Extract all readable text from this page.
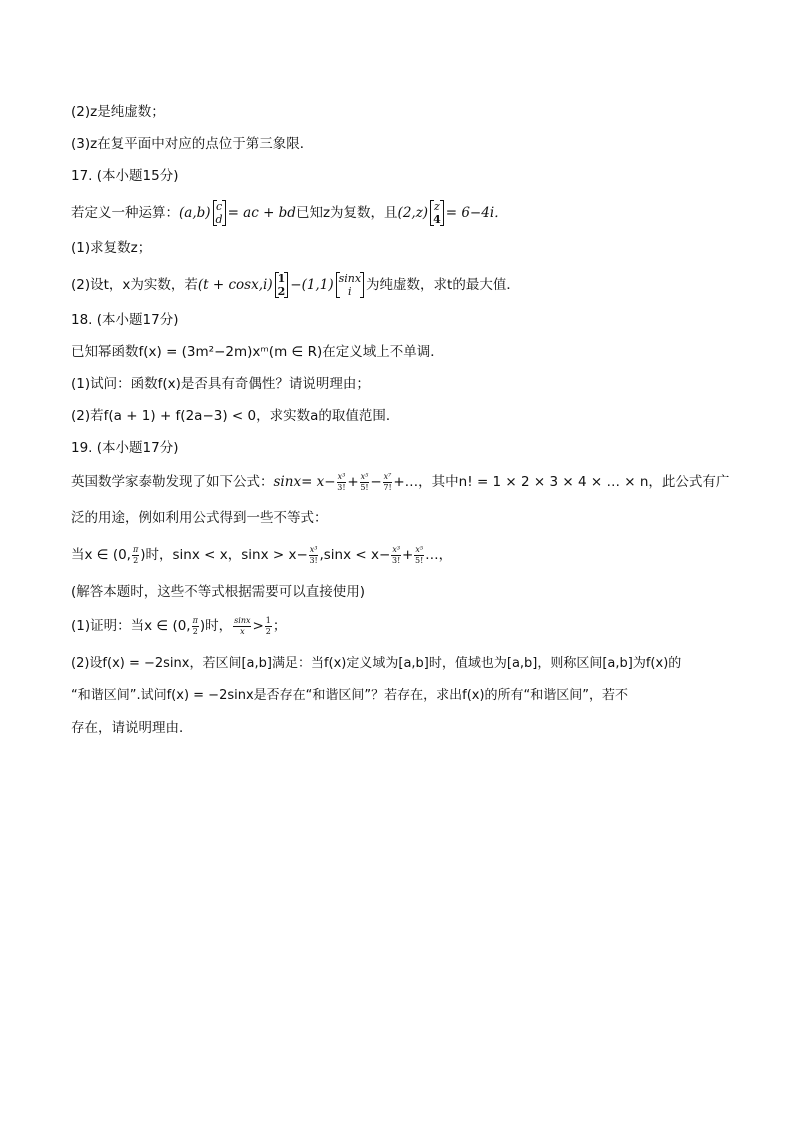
(2)z是纯虚数；
(3)z在复平面中对应的点位于第三象限．
17. (本小题15分)
若定义一种运算：(a,b) c
d = ac + bd已知z为复数，且(2,z) z
4 = 6−4i．
(1)求复数z；
(2)设t，x为实数，若(t + cosx,i) 1
2 −(1,1) sinx
i	为纯虚数，求t的最大值．
18. (本小题17分)
已知幂函数f(x) = (3m²−2m)xᵐ(m ∈ R)在定义域上不单调．
(1)试问：函数f(x)是否具有奇偶性？请说明理由；
(2)若f(a + 1) + f(2a−3) < 0，求实数a的取值范围．
19. (本小题17分)
英国数学家泰勒发现了如下公式：$\sin x= x- \frac{\text{x³}}{3!} + \frac{\text{x⁵}}{5!} - \frac{\text{x⁷}}{7!}$ +…，其中n! = 1 × 2 × 3 × 4 × … × n，此公式有广
泛的用途，例如利用公式得到一些不等式：
当x ∈ (0, $\frac{\pi}{2}$ )时，sinx < x，$\sin x > x- \frac{\text{x³}}{3!} ,\sin x < x- \frac{\text{x³}}{3!} + \frac{\text{x⁵}}{5!}$ …，
(解答本题时，这些不等式根据需要可以直接使用)
(1)证明：当x ∈ (0, $\frac{\pi}{2}$ )时， $\frac{\sin x}{x} > \frac{1}{2}$ ；
(2)设f(x) = −2sinx，若区间[a,b]满足：当f(x)定义域为[a,b]时，值域也为[a,b]，则称区间[a,b]为f(x)的
“和谐区间”.试问f(x) = −2sinx是否存在“和谐区间”？若存在，求出f(x)的所有“和谐区间”，若不
存在，请说明理由．
